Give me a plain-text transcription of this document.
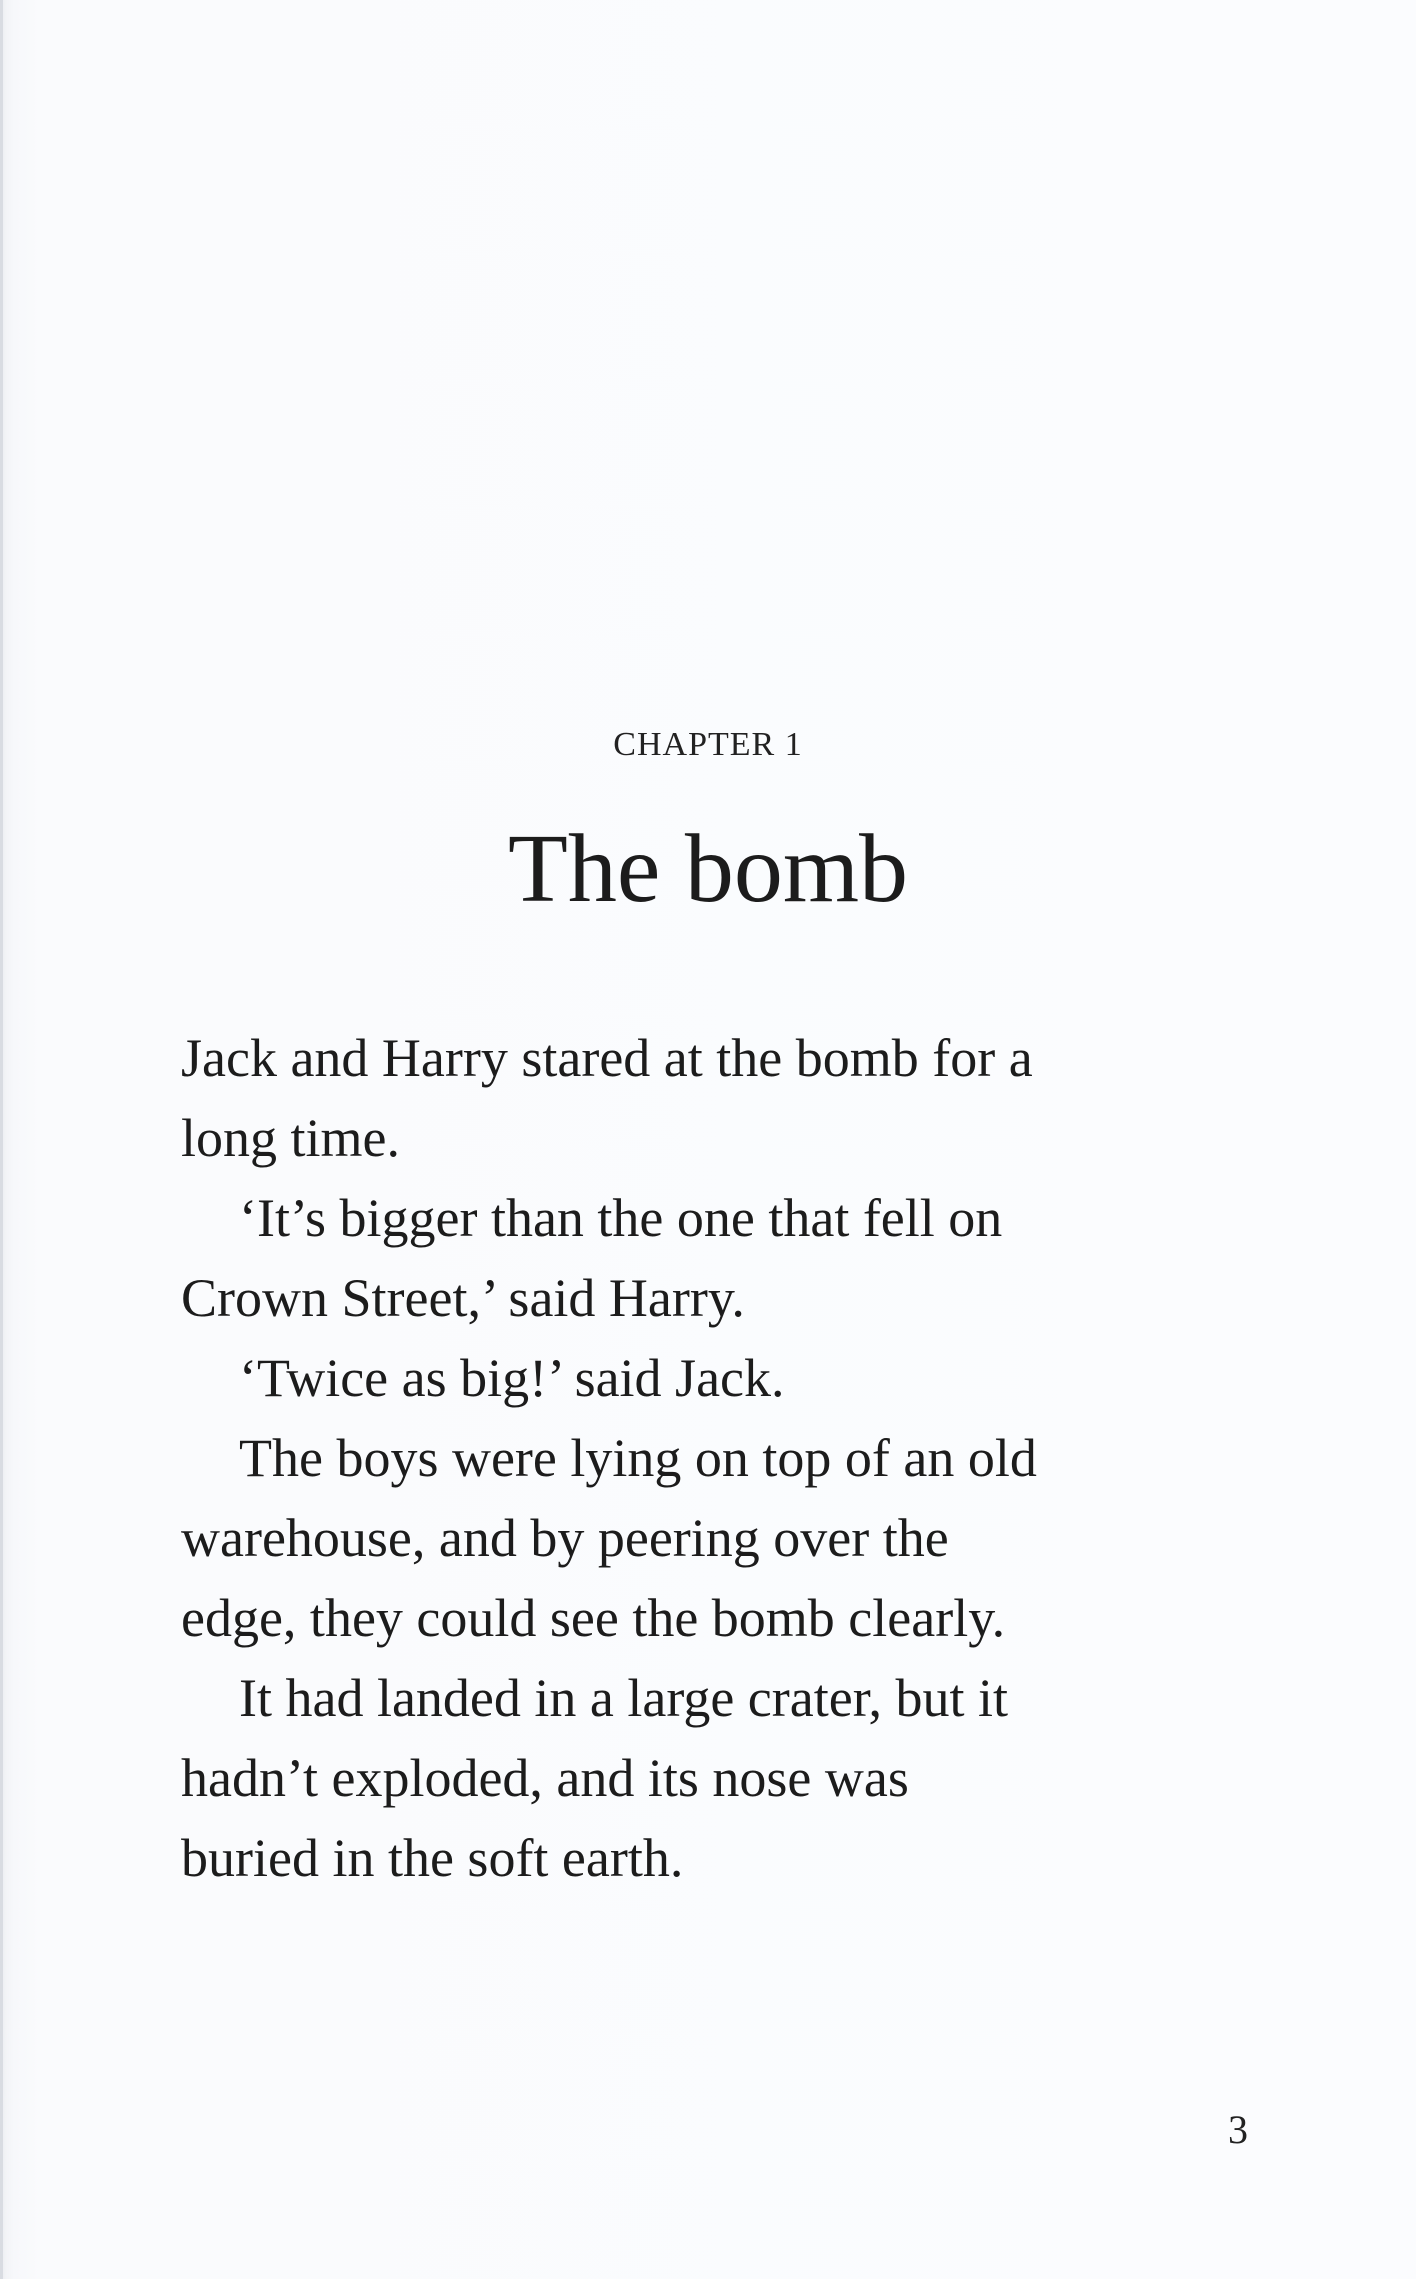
CHAPTER 1
The bomb
Jack and Harry stared at the bomb for a
long time.
‘It’s bigger than the one that fell on
Crown Street,’ said Harry.
‘Twice as big!’ said Jack.
The boys were lying on top of an old
warehouse, and by peering over the
edge, they could see the bomb clearly.
It had landed in a large crater, but it
hadn’t exploded, and its nose was
buried in the soft earth.
3
